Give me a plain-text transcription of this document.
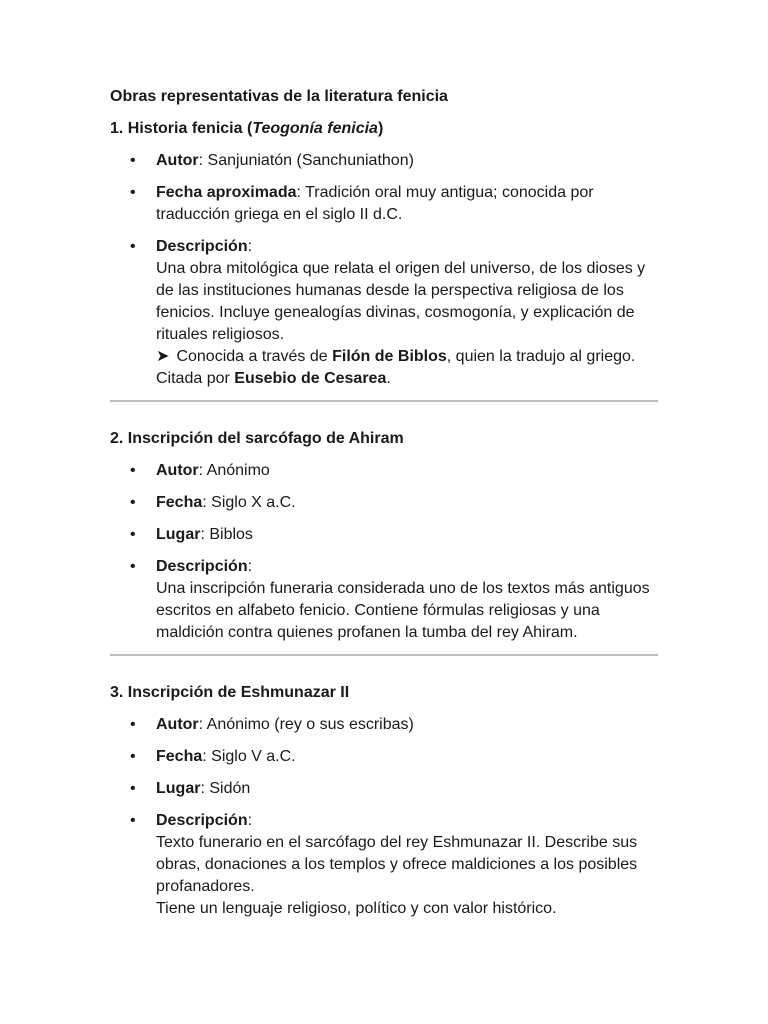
Obras representativas de la literatura fenicia

1. Historia fenicia (Teogonía fenicia)

• Autor: Sanjuniatón (Sanchuniathon)
• Fecha aproximada: Tradición oral muy antigua; conocida por traducción griega en el siglo II d.C.
• Descripción:
Una obra mitológica que relata el origen del universo, de los dioses y de las instituciones humanas desde la perspectiva religiosa de los fenicios. Incluye genealogías divinas, cosmogonía, y explicación de rituales religiosos.
➤ Conocida a través de Filón de Biblos, quien la tradujo al griego.
Citada por Eusebio de Cesarea.

2. Inscripción del sarcófago de Ahiram

• Autor: Anónimo
• Fecha: Siglo X a.C.
• Lugar: Biblos
• Descripción:
Una inscripción funeraria considerada uno de los textos más antiguos escritos en alfabeto fenicio. Contiene fórmulas religiosas y una maldición contra quienes profanen la tumba del rey Ahiram.

3. Inscripción de Eshmunazar II

• Autor: Anónimo (rey o sus escribas)
• Fecha: Siglo V a.C.
• Lugar: Sidón
• Descripción:
Texto funerario en el sarcófago del rey Eshmunazar II. Describe sus obras, donaciones a los templos y ofrece maldiciones a los posibles profanadores.
Tiene un lenguaje religioso, político y con valor histórico.
